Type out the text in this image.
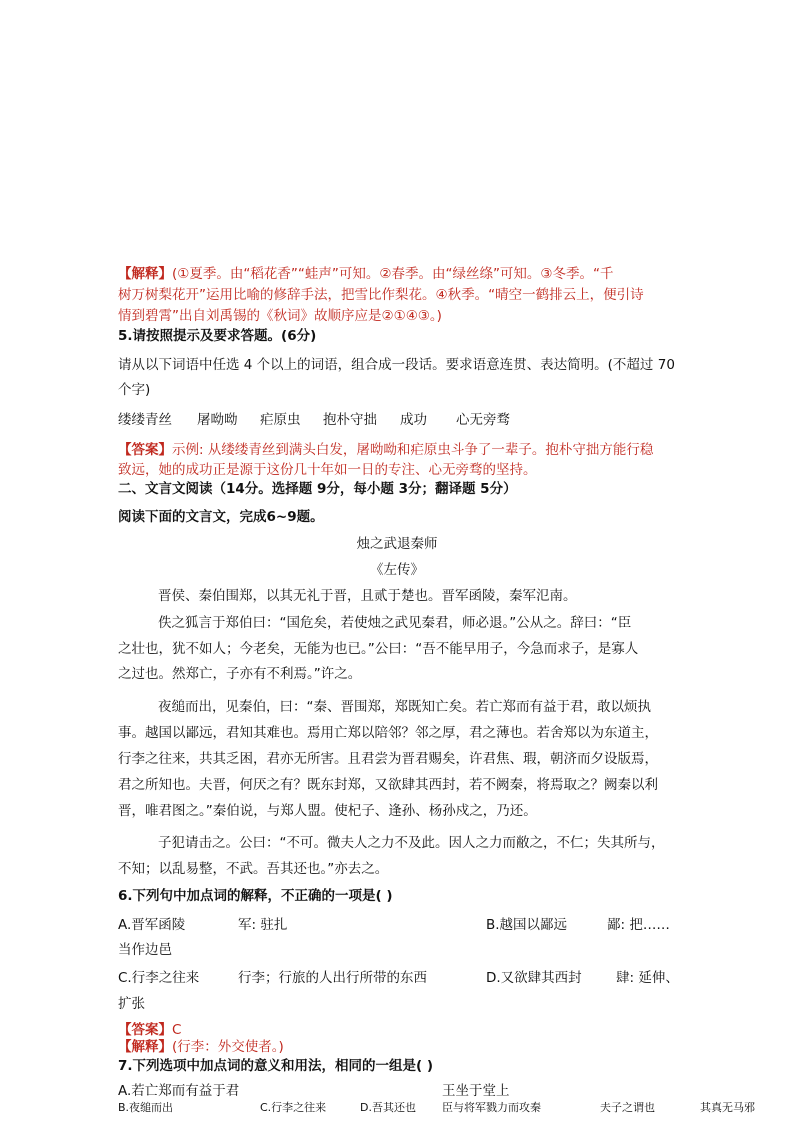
【解释】(①夏季。由“稻花香”“蛙声”可知。②春季。由“绿丝绦”可知。③冬季。“千
树万树梨花开”运用比喻的修辞手法，把雪比作梨花。④秋季。“晴空一鹤排云上，便引诗
情到碧霄”出自刘禹锡的《秋词》故顺序应是②①④③。)
5.请按照提示及要求答题。(6分)
请从以下词语中任选 4 个以上的词语，组合成一段话。要求语意连贯、表达简明。(不超过 70
个字)
缕缕青丝 屠呦呦 疟原虫 抱朴守拙 成功 心无旁骛
【答案】示例: 从缕缕青丝到满头白发，屠呦呦和疟原虫斗争了一辈子。抱朴守拙方能行稳
致远，她的成功正是源于这份几十年如一日的专注、心无旁骛的坚持。
二、文言文阅读（14分。选择题 9分，每小题 3分；翻译题 5分）
阅读下面的文言文，完成6~9题。
烛之武退秦师
《左传》
晋侯、秦伯围郑，以其无礼于晋，且贰于楚也。晋军函陵，秦军氾南。
佚之狐言于郑伯曰：“国危矣，若使烛之武见秦君，师必退。”公从之。辞曰：“臣
之壮也，犹不如人；今老矣，无能为也已。”公曰：“吾不能早用子，今急而求子，是寡人
之过也。然郑亡，子亦有不利焉。”许之。
夜缒而出，见秦伯，曰：“秦、晋围郑，郑既知亡矣。若亡郑而有益于君，敢以烦执
事。越国以鄙远，君知其难也。焉用亡郑以陪邻？邻之厚，君之薄也。若舍郑以为东道主，
行李之往来，共其乏困，君亦无所害。且君尝为晋君赐矣，许君焦、瑕，朝济而夕设版焉，
君之所知也。夫晋，何厌之有？既东封郑，又欲肆其西封，若不阙秦，将焉取之？阙秦以利
晋，唯君图之。”秦伯说，与郑人盟。使杞子、逢孙、杨孙戍之，乃还。
子犯请击之。公曰：“不可。微夫人之力不及此。因人之力而敝之，不仁；失其所与，
不知；以乱易整，不武。吾其还也。”亦去之。
6.下列句中加点词的解释，不正确的一项是( )
A.晋军函陵	军: 驻扎	B.越国以鄙远	鄙: 把……
当作边邑
C.行李之往来	行李；行旅的人出行所带的东西	D.又欲肆其西封	肆: 延伸、
扩张
【答案】C
【解释】(行李：外交使者。)
7.下列选项中加点词的意义和用法，相同的一组是( )
A.若亡郑而有益于君	王坐于堂上
B.夜缒而出	臣与将军戮力而攻秦
C.行李之往来	夫子之谓也
D.吾其还也	其真无马邪
